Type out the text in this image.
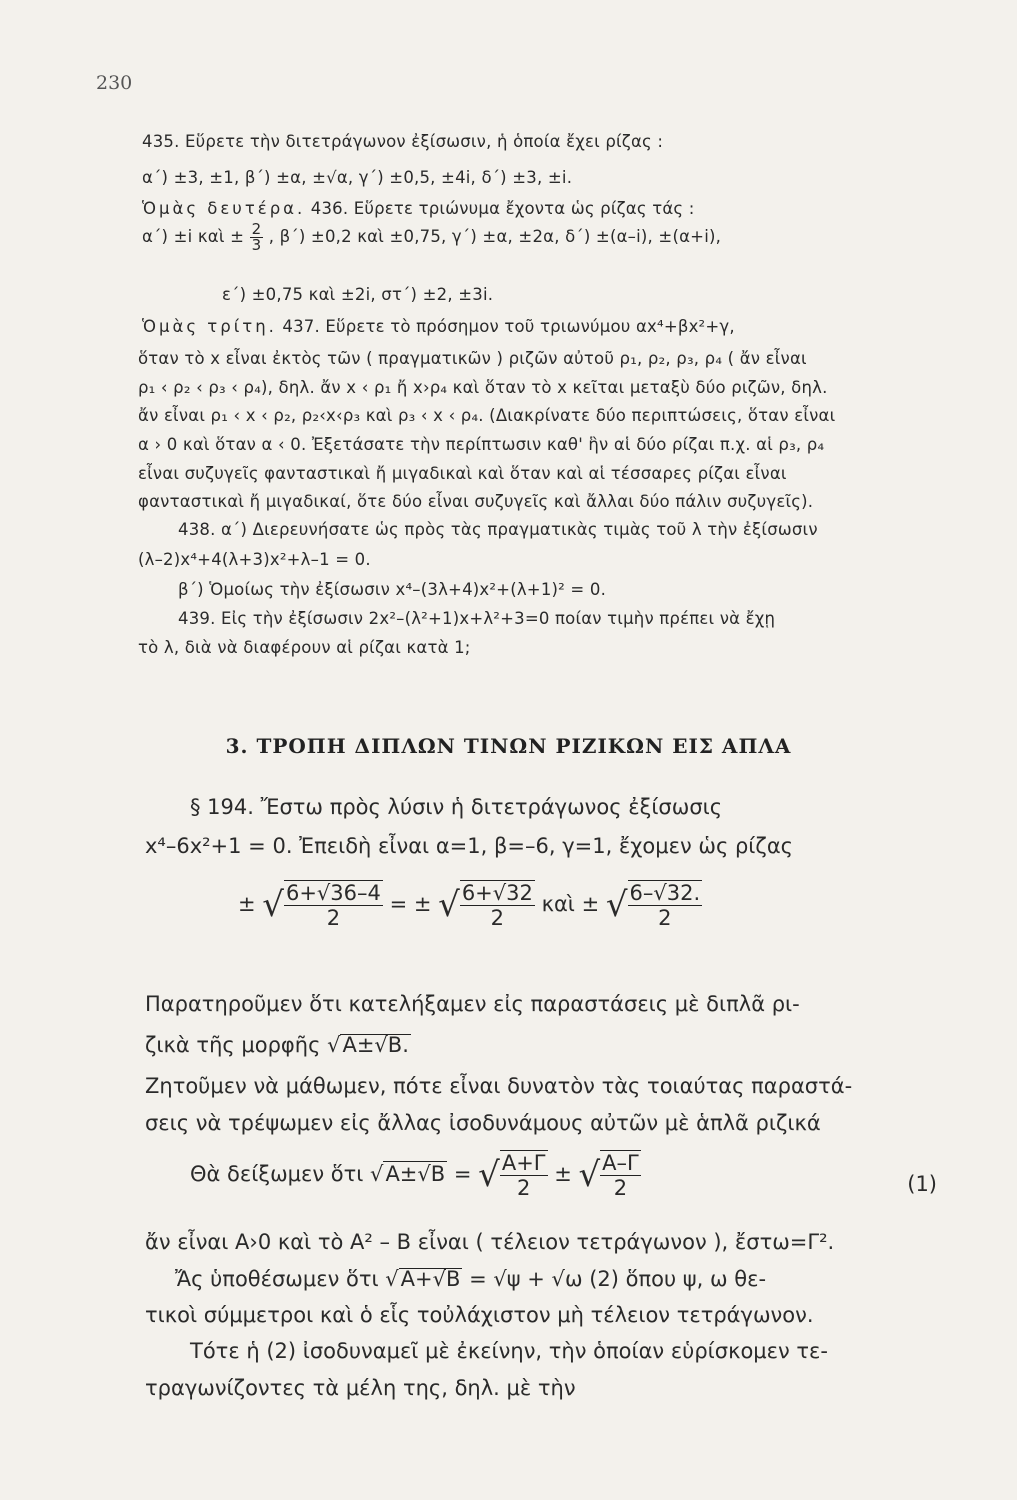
230
435. Εὕρετε τὴν διτετράγωνον ἐξίσωσιν, ἡ ὁποία ἔχει ρίζας :
α΄) ±3, ±1, β΄) ±α, ±√α, γ΄) ±0,5, ±4i, δ΄) ±3, ±i.
Ὁμὰς δευτέρα. 436. Εὕρετε τριώνυμα ἔχοντα ὡς ρίζας τάς :
α΄) ±i καὶ ± $\frac{2}{3}$ , β΄) ±0,2 καὶ ±0,75, γ΄) ±α, ±2α, δ΄) ±(α–i), ±(α+i),
ε΄) ±0,75 καὶ ±2i, στ΄) ±2, ±3i.
Ὁμὰς τρίτη. 437. Εὕρετε τὸ πρόσημον τοῦ τριωνύμου αx⁴+βx²+γ,
ὅταν τὸ x εἶναι ἐκτὸς τῶν ( πραγματικῶν ) ριζῶν αὐτοῦ ρ₁, ρ₂, ρ₃, ρ₄ ( ἄν εἶναι
ρ₁ ‹ ρ₂ ‹ ρ₃ ‹ ρ₄), δηλ. ἄν x ‹ ρ₁ ἤ x›ρ₄ καὶ ὅταν τὸ x κεῖται μεταξὺ δύο ριζῶν, δηλ.
ἄν εἶναι ρ₁ ‹ x ‹ ρ₂, ρ₂‹x‹ρ₃ καὶ ρ₃ ‹ x ‹ ρ₄. (Διακρίνατε δύο περιπτώσεις, ὅταν εἶναι
α › 0 καὶ ὅταν α ‹ 0. Ἐξετάσατε τὴν περίπτωσιν καθ' ἣν αἱ δύο ρίζαι π.χ. αἱ ρ₃, ρ₄
εἶναι συζυγεῖς φανταστικαὶ ἤ μιγαδικαὶ καὶ ὅταν καὶ αἱ τέσσαρες ρίζαι εἶναι
φανταστικαὶ ἤ μιγαδικαί, ὅτε δύο εἶναι συζυγεῖς καὶ ἄλλαι δύο πάλιν συζυγεῖς).
438. α΄) Διερευνήσατε ὡς πρὸς τὰς πραγματικὰς τιμὰς τοῦ λ τὴν ἐξίσωσιν
(λ–2)x⁴+4(λ+3)x²+λ–1 = 0.
β΄) Ὁμοίως τὴν ἐξίσωσιν x⁴–(3λ+4)x²+(λ+1)² = 0.
439. Εἰς τὴν ἐξίσωσιν 2x²–(λ²+1)x+λ²+3=0 ποίαν τιμὴν πρέπει νὰ ἔχῃ
τὸ λ, διὰ νὰ διαφέρουν αἱ ρίζαι κατὰ 1;
3. ΤΡΟΠΗ ΔΙΠΛΩΝ ΤΙΝΩΝ ΡΙΖΙΚΩΝ ΕΙΣ ΑΠΛΑ
§ 194. Ἔστω πρὸς λύσιν ἡ διτετράγωνος ἐξίσωσις
x⁴–6x²+1 = 0. Ἐπειδὴ εἶναι α=1, β=–6, γ=1, ἔχομεν ὡς ρίζας
± √ $\frac{6+√36-4}{2}$ = ± √ $\frac{6+√32}{2}$ καὶ ± √ $\frac{6-√32.}{2}$
Παρατηροῦμεν ὅτι κατελήξαμεν εἰς παραστάσεις μὲ διπλᾶ ρι-
ζικὰ τῆς μορφῆς √A±√B.
Ζητοῦμεν νὰ μάθωμεν, πότε εἶναι δυνατὸν τὰς τοιαύτας παραστά-
σεις νὰ τρέψωμεν εἰς ἄλλας ἰσοδυνάμους αὐτῶν μὲ ἁπλᾶ ριζικά
Θὰ δείξωμεν ὅτι √A±√B = √ $\frac{A+\Gamma}{2}$ ± √ $\frac{A-\Gamma}{2}$	(1)
ἄν εἶναι A›0 καὶ τὸ A² – B εἶναι ( τέλειον τετράγωνον ), ἔστω=Γ².
Ἄς ὑποθέσωμεν ὅτι √A+√B = √ψ + √ω (2) ὅπου ψ, ω θε-
τικοὶ σύμμετροι καὶ ὁ εἷς τοὐλάχιστον μὴ τέλειον τετράγωνον.
Τότε ἡ (2) ἰσοδυναμεῖ μὲ ἐκείνην, τὴν ὁποίαν εὑρίσκομεν τε-
τραγωνίζοντες τὰ μέλη της, δηλ. μὲ τὴν
